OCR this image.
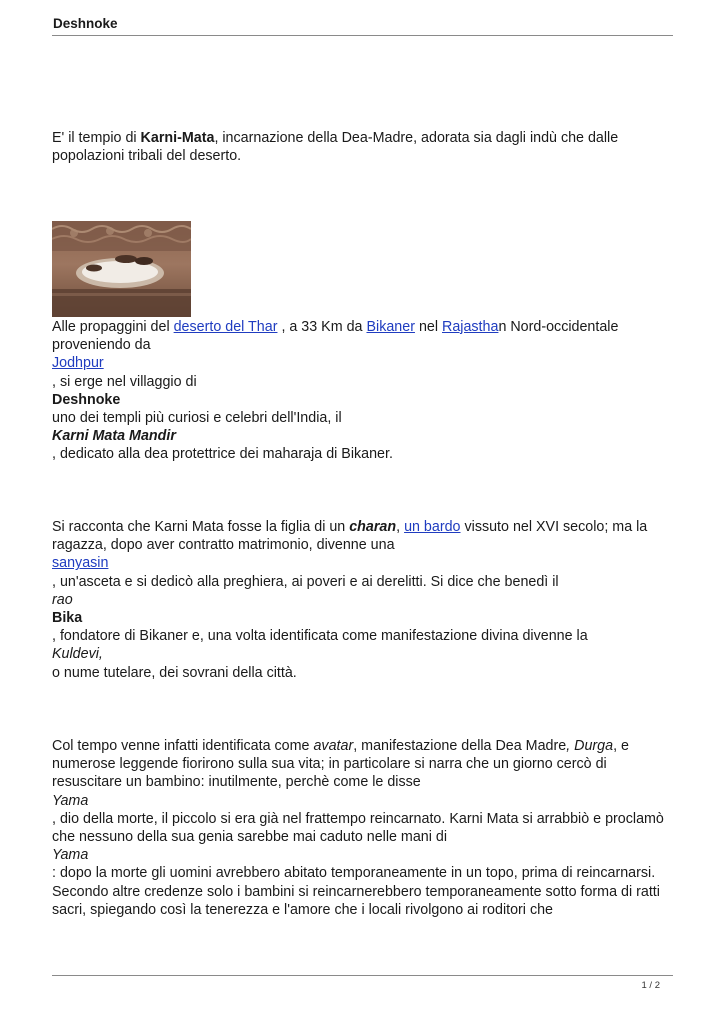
Deshnoke
E' il tempio di Karni-Mata, incarnazione della Dea-Madre, adorata sia dagli indù che dalle popolazioni tribali del deserto.
Alle propaggini del deserto del Thar , a 33 Km da Bikaner nel Rajasthan Nord-occidentale proveniendo da
Jodhpur
, si erge nel villaggio di
Deshnoke
uno dei templi più curiosi e celebri dell'India, il
Karni Mata Mandir
, dedicato alla dea protettrice dei maharaja di Bikaner.
Si racconta che Karni Mata fosse la figlia di un charan, un bardo vissuto nel XVI secolo; ma la ragazza, dopo aver contratto matrimonio, divenne una
sanyasin
, un'asceta e si dedicò alla preghiera, ai poveri e ai derelitti. Si dice che benedì il
rao
Bika
, fondatore di Bikaner e, una volta identificata come manifestazione divina divenne la
Kuldevi,
o nume tutelare, dei sovrani della città.
Col tempo venne infatti identificata come avatar, manifestazione della Dea Madre, Durga, e numerose leggende fiorirono sulla sua vita; in particolare si narra che un giorno cercò di resuscitare un bambino: inutilmente, perchè come le disse
Yama
, dio della morte, il piccolo si era già nel frattempo reincarnato. Karni Mata si arrabbiò e proclamò che nessuno della sua genia sarebbe mai caduto nelle mani di
Yama
: dopo la morte gli uomini avrebbero abitato temporaneamente in un topo, prima di reincarnarsi. Secondo altre credenze solo i bambini si reincarnerebbero temporaneamente sotto forma di ratti sacri, spiegando così la tenerezza e l'amore che i locali rivolgono ai roditori che
1 / 2
